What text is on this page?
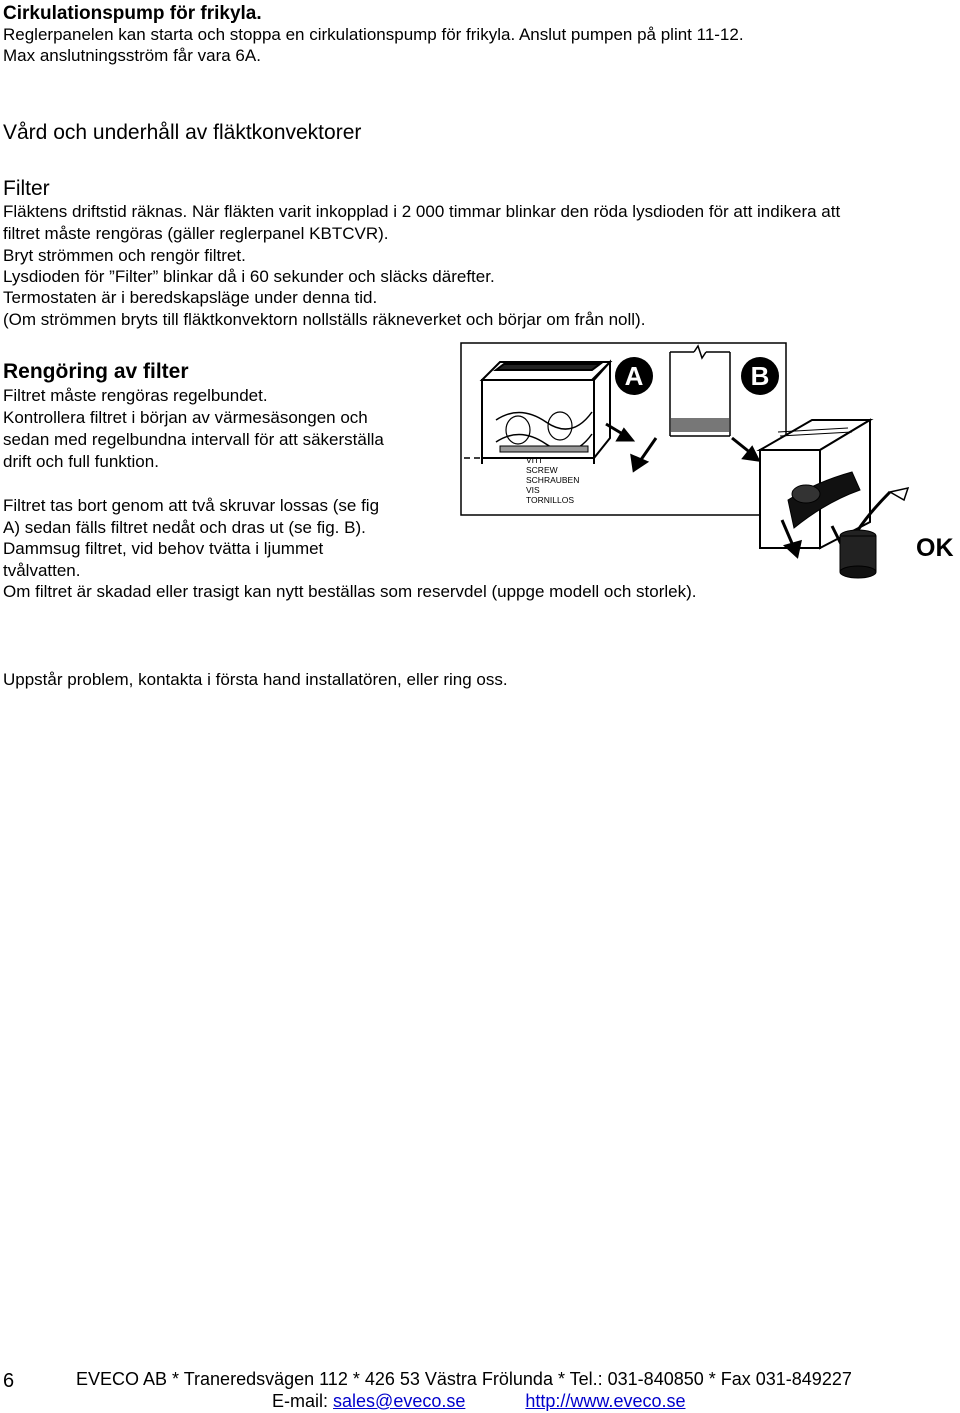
Cirkulationspump för frikyla.
Reglerpanelen kan starta och stoppa en cirkulationspump för frikyla. Anslut pumpen på plint 11-12.
Max anslutningsström får vara 6A.
Vård och underhåll av fläktkonvektorer
Filter
Fläktens driftstid räknas. När fläkten varit inkopplad i 2 000 timmar blinkar den röda lysdioden för att indikera att
filtret måste rengöras (gäller reglerpanel KBTCVR).
Bryt strömmen och rengör filtret.
Lysdioden för ”Filter” blinkar då i 60 sekunder och släcks därefter.
Termostaten är i beredskapsläge under denna tid.
(Om strömmen bryts till fläktkonvektorn nollställs räkneverket och börjar om från noll).
Rengöring av filter
Filtret måste rengöras regelbundet.
Kontrollera filtret i början av värmesäsongen och
sedan med regelbundna intervall för att säkerställa
drift och full funktion.
Filtret tas bort genom att två skruvar lossas (se fig
A) sedan fälls filtret nedåt och dras ut (se fig. B).
Dammsug filtret, vid behov tvätta i ljummet
tvålvatten.
Om filtret är skadad eller trasigt kan nytt beställas som reservdel (uppge modell och storlek).
VITI
SCREW
SCHRAUBEN
VIS
TORNILLOS
A	B
OK
Uppstår problem, kontakta i första hand installatören, eller ring oss.
6	EVECO AB * Traneredsvägen 112 * 426 53 Västra Frölunda * Tel.: 031-840850 * Fax 031-849227
E-mail: sales@eveco.se	http://www.eveco.se
